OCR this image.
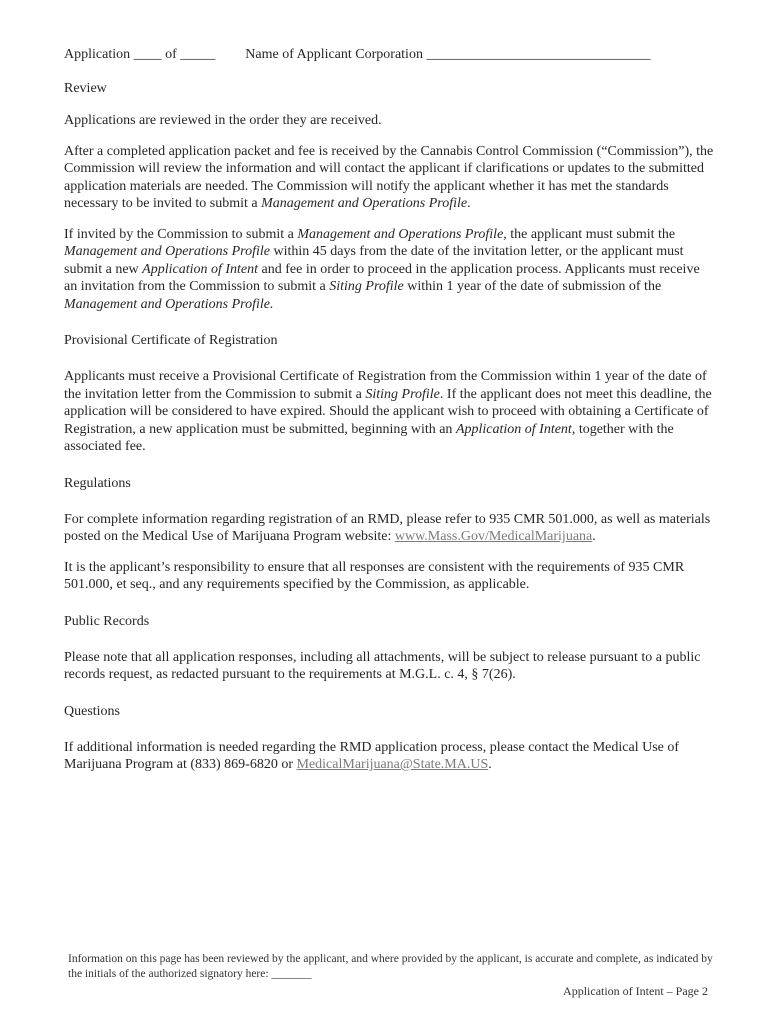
Application ____ of _____ Name of Applicant Corporation ________________________________
Review

Applications are reviewed in the order they are received.

After a completed application packet and fee is received by the Cannabis Control Commission (“Commission”), the Commission will review the information and will contact the applicant if clarifications or updates to the submitted application materials are needed. The Commission will notify the applicant whether it has met the standards necessary to be invited to submit a Management and Operations Profile.

If invited by the Commission to submit a Management and Operations Profile, the applicant must submit the Management and Operations Profile within 45 days from the date of the invitation letter, or the applicant must submit a new Application of Intent and fee in order to proceed in the application process. Applicants must receive an invitation from the Commission to submit a Siting Profile within 1 year of the date of submission of the Management and Operations Profile.

Provisional Certificate of Registration

Applicants must receive a Provisional Certificate of Registration from the Commission within 1 year of the date of the invitation letter from the Commission to submit a Siting Profile. If the applicant does not meet this deadline, the application will be considered to have expired. Should the applicant wish to proceed with obtaining a Certificate of Registration, a new application must be submitted, beginning with an Application of Intent, together with the associated fee.

Regulations

For complete information regarding registration of an RMD, please refer to 935 CMR 501.000, as well as materials posted on the Medical Use of Marijuana Program website: www.Mass.Gov/MedicalMarijuana.

It is the applicant’s responsibility to ensure that all responses are consistent with the requirements of 935 CMR 501.000, et seq., and any requirements specified by the Commission, as applicable.

Public Records

Please note that all application responses, including all attachments, will be subject to release pursuant to a public records request, as redacted pursuant to the requirements at M.G.L. c. 4, § 7(26).

Questions

If additional information is needed regarding the RMD application process, please contact the Medical Use of Marijuana Program at (833) 869-6820 or MedicalMarijuana@State.MA.US.

Information on this page has been reviewed by the applicant, and where provided by the applicant, is accurate and complete, as indicated by the initials of the authorized signatory here: _______
Application of Intent – Page 2
